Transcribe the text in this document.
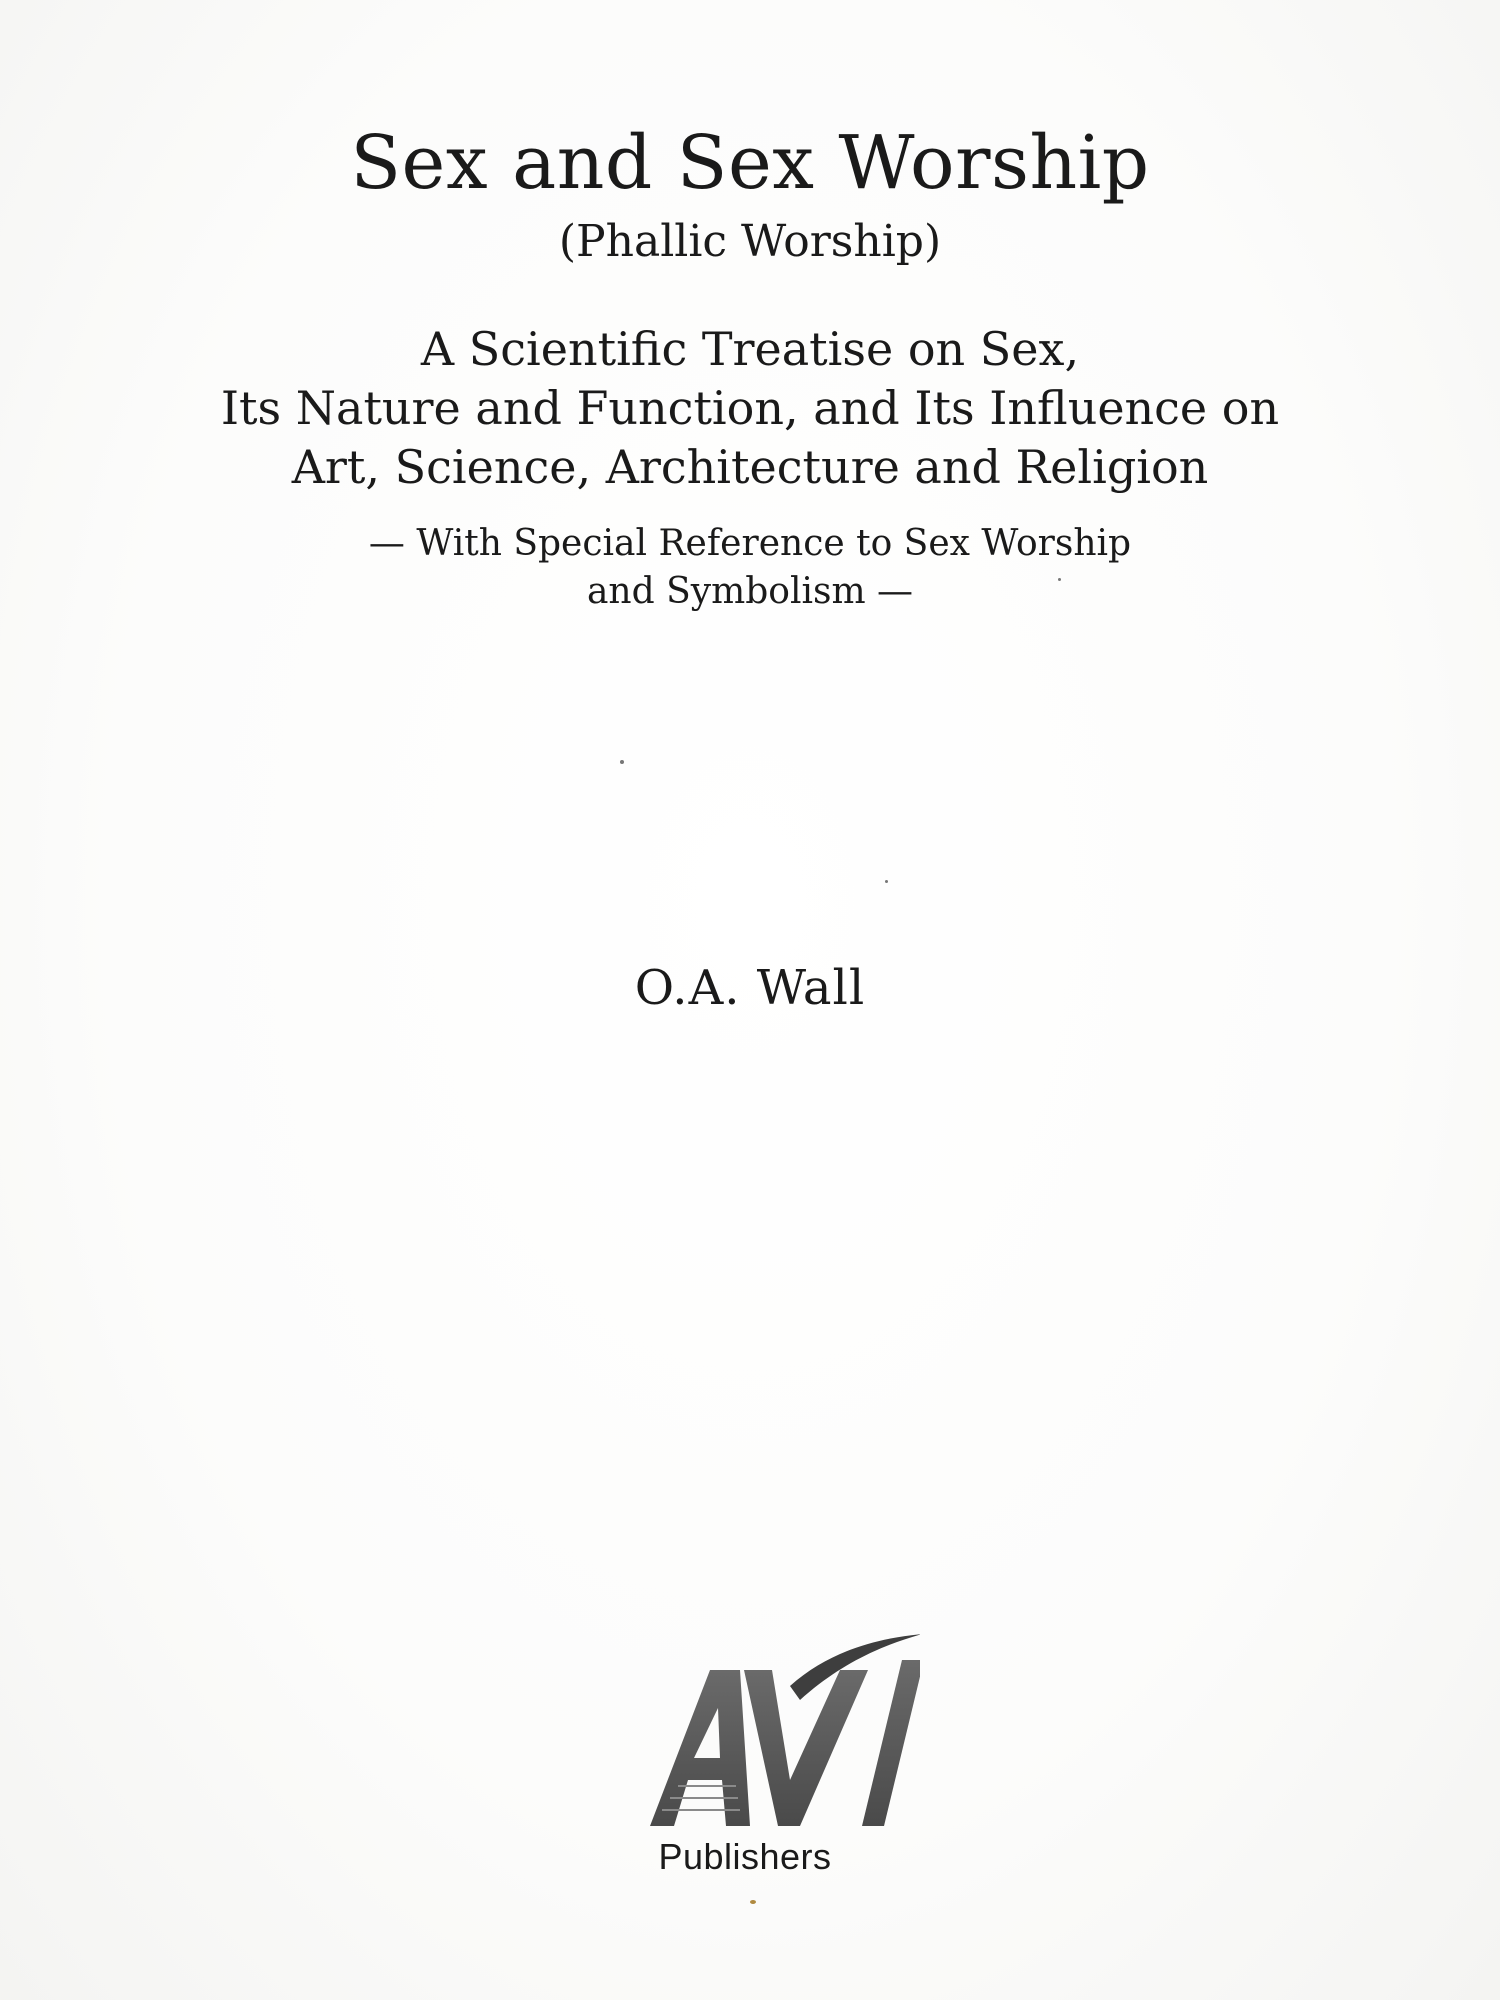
Sex and Sex Worship
(Phallic Worship)
A Scientific Treatise on Sex,
Its Nature and Function, and Its Influence on
Art, Science, Architecture and Religion
— With Special Reference to Sex Worship
and Symbolism —
O.A. Wall
Publishers
